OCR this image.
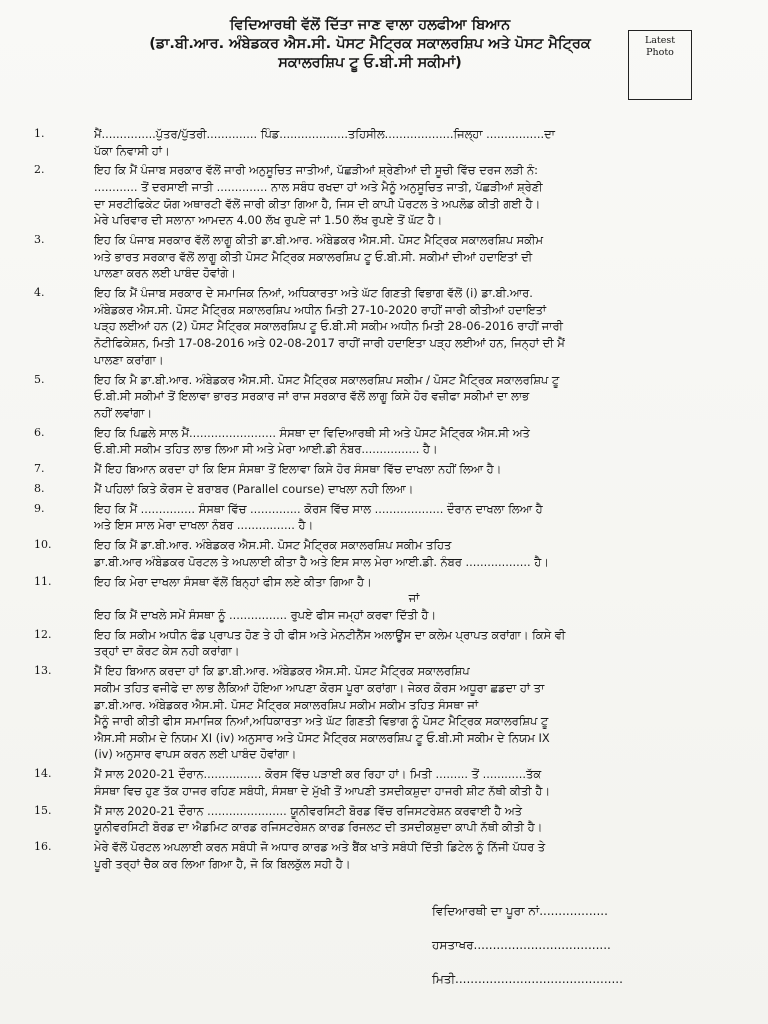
ਵਿਦਿਆਰਥੀ ਵੱਲੋਂ ਦਿੱਤਾ ਜਾਣ ਵਾਲਾ ਹਲਫੀਆ ਬਿਆਨ
(ਡਾ.ਬੀ.ਆਰ. ਅੰਬੇਡਕਰ ਐਸ.ਸੀ. ਪੋਸਟ ਮੈਟ੍ਰਿਕ ਸਕਾਲਰਸ਼ਿਪ ਅਤੇ ਪੋਸਟ ਮੈਟ੍ਰਿਕ
ਸਕਾਲਰਸ਼ਿਪ ਟੂ ਓ.ਬੀ.ਸੀ ਸਕੀਮਾਂ)
Latest
Photo
1.	ਮੈਂ...............ਪੁੱਤਰ/ਪੁੱਤਰੀ.............. ਪਿੰਡ...................ਤਹਿਸੀਲ...................ਜਿਲ੍ਹਾ ................ਦਾ
ਪੱਕਾ ਨਿਵਾਸੀ ਹਾਂ।
2.	ਇਹ ਕਿ ਮੈਂ ਪੰਜਾਬ ਸਰਕਾਰ ਵੱਲੋਂ ਜਾਰੀ ਅਨੁਸੂਚਿਤ ਜਾਤੀਆਂ, ਪੱਛੜੀਆਂ ਸ਼੍ਰੇਣੀਆਂ ਦੀ ਸੂਚੀ ਵਿੱਚ ਦਰਜ ਲੜੀ ਨੰ:
............ ਤੋਂ ਦਰਸਾਈ ਜਾਤੀ .............. ਨਾਲ ਸਬੰਧ ਰਖਦਾ ਹਾਂ ਅਤੇ ਮੈਨੂੰ ਅਨੁਸੂਚਿਤ ਜਾਤੀ, ਪੱਛੜੀਆਂ ਸ਼੍ਰੇਣੀ
ਦਾ ਸਰਟੀਫਿਕੇਟ ਯੋਗ ਅਥਾਰਟੀ ਵੱਲੋਂ ਜਾਰੀ ਕੀਤਾ ਗਿਆ ਹੈ, ਜਿਸ ਦੀ ਕਾਪੀ ਪੋਰਟਲ ਤੇ ਅਪਲੋਡ ਕੀਤੀ ਗਈ ਹੈ।
ਮੇਰੇ ਪਰਿਵਾਰ ਦੀ ਸਲਾਨਾ ਆਮਦਨ 4.00 ਲੱਖ ਰੁਪਏ ਜਾਂ 1.50 ਲੱਖ ਰੁਪਏ ਤੋਂ ਘੱਟ ਹੈ।
3.	ਇਹ ਕਿ ਪੰਜਾਬ ਸਰਕਾਰ ਵੱਲੋਂ ਲਾਗੂ ਕੀਤੀ ਡਾ.ਬੀ.ਆਰ. ਅੰਬੇਡਕਰ ਐਸ.ਸੀ. ਪੋਸਟ ਮੈਟ੍ਰਿਕ ਸਕਾਲਰਸ਼ਿਪ ਸਕੀਮ
ਅਤੇ ਭਾਰਤ ਸਰਕਾਰ ਵੱਲੋਂ ਲਾਗੂ ਕੀਤੀ ਪੋਸਟ ਮੈਟ੍ਰਿਕ ਸਕਾਲਰਸ਼ਿਪ ਟੂ ਓ.ਬੀ.ਸੀ. ਸਕੀਮਾਂ ਦੀਆਂ ਹਦਾਇਤਾਂ ਦੀ
ਪਾਲਣਾ ਕਰਨ ਲਈ ਪਾਬੰਦ ਹੋਵਾਂਗੇ।
4.	ਇਹ ਕਿ ਮੈਂ ਪੰਜਾਬ ਸਰਕਾਰ ਦੇ ਸਮਾਜਿਕ ਨਿਆਂ, ਅਧਿਕਾਰਤਾ ਅਤੇ ਘੱਟ ਗਿਣਤੀ ਵਿਭਾਗ ਵੱਲੋਂ (i) ਡਾ.ਬੀ.ਆਰ.
ਅੰਬੇਡਕਰ ਐਸ.ਸੀ. ਪੋਸਟ ਮੈਟ੍ਰਿਕ ਸਕਾਲਰਸ਼ਿਪ ਅਧੀਨ ਮਿਤੀ 27-10-2020 ਰਾਹੀਂ ਜਾਰੀ ਕੀਤੀਆਂ ਹਦਾਇਤਾਂ
ਪੜ੍ਹ ਲਈਆਂ ਹਨ (2) ਪੋਸਟ ਮੈਟ੍ਰਿਕ ਸਕਾਲਰਸ਼ਿਪ ਟੂ ਓ.ਬੀ.ਸੀ ਸਕੀਮ ਅਧੀਨ ਮਿਤੀ 28-06-2016 ਰਾਹੀਂ ਜਾਰੀ
ਨੋਟੀਫਿਕੇਸ਼ਨ, ਮਿਤੀ 17-08-2016 ਅਤੇ 02-08-2017 ਰਾਹੀਂ ਜਾਰੀ ਹਦਾਇਤਾ ਪੜ੍ਹ ਲਈਆਂ ਹਨ, ਜਿਨ੍ਹਾਂ ਦੀ ਮੈਂ
ਪਾਲਣਾ ਕਰਾਂਗਾ।
5.	ਇਹ ਕਿ ਮੈ ਡਾ.ਬੀ.ਆਰ. ਅੰਬੇਡਕਰ ਐਸ.ਸੀ. ਪੋਸਟ ਮੈਟ੍ਰਿਕ ਸਕਾਲਰਸ਼ਿਪ ਸਕੀਮ / ਪੋਸਟ ਮੈਟ੍ਰਿਕ ਸਕਾਲਰਸ਼ਿਪ ਟੂ
ਓ.ਬੀ.ਸੀ ਸਕੀਮਾਂ ਤੋਂ ਇਲਾਵਾ ਭਾਰਤ ਸਰਕਾਰ ਜਾਂ ਰਾਜ ਸਰਕਾਰ ਵੱਲੋਂ ਲਾਗੂ ਕਿਸੇ ਹੋਰ ਵਜ਼ੀਫਾ ਸਕੀਮਾਂ ਦਾ ਲਾਭ
ਨਹੀਂ ਲਵਾਂਗਾ।
6.	ਇਹ ਕਿ ਪਿਛਲੇ ਸਾਲ ਮੈਂ........................ ਸੰਸਥਾ ਦਾ ਵਿਦਿਆਰਥੀ ਸੀ ਅਤੇ ਪੋਸਟ ਮੈਟ੍ਰਿਕ ਐਸ.ਸੀ ਅਤੇ
ਓ.ਬੀ.ਸੀ ਸਕੀਮ ਤਹਿਤ ਲਾਭ ਲਿਆ ਸੀ ਅਤੇ ਮੇਰਾ ਆਈ.ਡੀ ਨੰਬਰ................ ਹੈ।
7.	ਮੈਂ ਇਹ ਬਿਆਨ ਕਰਦਾ ਹਾਂ ਕਿ ਇਸ ਸੰਸਥਾ ਤੋਂ ਇਲਾਵਾ ਕਿਸੇ ਹੋਰ ਸੰਸਥਾ ਵਿੱਚ ਦਾਖਲਾ ਨਹੀਂ ਲਿਆ ਹੈ।
8.	ਮੈਂ ਪਹਿਲਾਂ ਕਿਤੇ ਕੋਰਸ ਦੇ ਬਰਾਬਰ (Parallel course) ਦਾਖਲਾ ਨਹੀ ਲਿਆ।
9.	ਇਹ ਕਿ ਮੈਂ ............... ਸੰਸਥਾ ਵਿੱਚ .............. ਕੋਰਸ ਵਿੱਚ ਸਾਲ ................... ਦੌਰਾਨ ਦਾਖਲਾ ਲਿਆ ਹੈ
ਅਤੇ ਇਸ ਸਾਲ ਮੇਰਾ ਦਾਖਲਾ ਨੰਬਰ ................ ਹੈ।
10.	ਇਹ ਕਿ ਮੈਂ ਡਾ.ਬੀ.ਆਰ. ਅੰਬੇਡਕਰ ਐਸ.ਸੀ. ਪੋਸਟ ਮੈਟ੍ਰਿਕ ਸਕਾਲਰਸ਼ਿਪ ਸਕੀਮ ਤਹਿਤ
ਡਾ.ਬੀ.ਆਰ ਅੰਬੇਡਕਰ ਪੋਰਟਲ ਤੇ ਅਪਲਾਈ ਕੀਤਾ ਹੈ ਅਤੇ ਇਸ ਸਾਲ ਮੇਰਾ ਆਈ.ਡੀ. ਨੰਬਰ .................. ਹੈ।
11.	ਇਹ ਕਿ ਮੇਰਾ ਦਾਖਲਾ ਸੰਸਥਾ ਵੱਲੋਂ ਬਿਨ੍ਹਾਂ ਫੀਸ ਲਏ ਕੀਤਾ ਗਿਆ ਹੈ।
ਜਾਂ
ਇਹ ਕਿ ਮੈਂ ਦਾਖਲੇ ਸਮੇਂ ਸੰਸਥਾ ਨੂੰ ................ ਰੁਪਏ ਫੀਸ ਜਮ੍ਹਾਂ ਕਰਵਾ ਦਿੱਤੀ ਹੈ।
12.	ਇਹ ਕਿ ਸਕੀਮ ਅਧੀਨ ਫੰਡ ਪ੍ਰਾਪਤ ਹੋਣ ਤੇ ਹੀ ਫੀਸ ਅਤੇ ਮੇਨਟੀਨੈਂਸ ਅਲਾਊਂਸ ਦਾ ਕਲੇਮ ਪ੍ਰਾਪਤ ਕਰਾਂਗਾ। ਕਿਸੇ ਵੀ
ਤਰ੍ਹਾਂ ਦਾ ਕੋਰਟ ਕੇਸ ਨਹੀ ਕਰਾਂਗਾ।
13.	ਮੈਂ ਇਹ ਬਿਆਨ ਕਰਦਾ ਹਾਂ ਕਿ ਡਾ.ਬੀ.ਆਰ. ਅੰਬੇਡਕਰ ਐਸ.ਸੀ. ਪੋਸਟ ਮੈਟ੍ਰਿਕ ਸਕਾਲਰਸ਼ਿਪ
ਸਕੀਮ ਤਹਿਤ ਵਜੀਫੇ ਦਾ ਲਾਭ ਲੈਕਿਆਂ ਹੋਇਆ ਆਪਣਾ ਕੋਰਸ ਪੂਰਾ ਕਰਾਂਗਾ। ਜੇਕਰ ਕੋਰਸ ਅਧੂਰਾ ਛਡਦਾ ਹਾਂ ਤਾ
ਡਾ.ਬੀ.ਆਰ. ਅੰਬੇਡਕਰ ਐਸ.ਸੀ. ਪੋਸਟ ਮੈਟ੍ਰਿਕ ਸਕਾਲਰਸ਼ਿਪ ਸਕੀਮ ਸਕੀਮ ਤਹਿਤ ਸੰਸਥਾ ਜਾਂ
ਮੈਨੂੰ ਜਾਰੀ ਕੀਤੀ ਫੀਸ ਸਮਾਜਿਕ ਨਿਆਂ,ਅਧਿਕਾਰਤਾ ਅਤੇ ਘੱਟ ਗਿਣਤੀ ਵਿਭਾਗ ਨੂੰ ਪੋਸਟ ਮੈਟ੍ਰਿਕ ਸਕਾਲਰਸ਼ਿਪ ਟੂ
ਐਸ.ਸੀ ਸਕੀਮ ਦੇ ਨਿਯਮ XI (iv) ਅਨੁਸਾਰ ਅਤੇ ਪੋਸਟ ਮੈਟ੍ਰਿਕ ਸਕਾਲਰਸ਼ਿਪ ਟੂ ਓ.ਬੀ.ਸੀ ਸਕੀਮ ਦੇ ਨਿਯਮ IX
(iv) ਅਨੁਸਾਰ ਵਾਪਸ ਕਰਨ ਲਈ ਪਾਬੰਦ ਹੋਵਾਂਗਾ।
14.	ਮੈਂ ਸਾਲ 2020-21 ਦੌਰਾਨ................ ਕੋਰਸ ਵਿੱਚ ਪੜਾਈ ਕਰ ਰਿਹਾ ਹਾਂ। ਮਿਤੀ ......... ਤੋਂ ............ਤੱਕ
ਸੰਸਥਾ ਵਿਚ ਹੁਣ ਤੱਕ ਹਾਜਰ ਰਹਿਣ ਸਬੰਧੀ, ਸੰਸਥਾ ਦੇ ਮੁੱਖੀ ਤੋਂ ਆਪਣੀ ਤਸਦੀਕਸ਼ੁਦਾ ਹਾਜਰੀ ਸ਼ੀਟ ਨੱਥੀ ਕੀਤੀ ਹੈ।
15.	ਮੈਂ ਸਾਲ 2020-21 ਦੌਰਾਨ ...................... ਯੂਨੀਵਰਸਿਟੀ ਬੋਰਡ ਵਿੱਚ ਰਜਿਸਟਰੇਸ਼ਨ ਕਰਵਾਈ ਹੈ ਅਤੇ
ਯੂਨੀਵਰਸਿਟੀ ਬੋਰਡ ਦਾ ਐਡਮਿਟ ਕਾਰਡ ਰਜਿਸਟਰੇਸ਼ਨ ਕਾਰਡ ਰਿਜਲਟ ਦੀ ਤਸਦੀਕਸ਼ੁਦਾ ਕਾਪੀ ਨੱਥੀ ਕੀਤੀ ਹੈ।
16.	ਮੇਰੇ ਵੱਲੋਂ ਪੋਰਟਲ ਅਪਲਾਈ ਕਰਨ ਸਬੰਧੀ ਜੋ ਅਧਾਰ ਕਾਰਡ ਅਤੇ ਬੈਂਕ ਖਾਤੇ ਸਬੰਧੀ ਦਿੱਤੀ ਡਿਟੇਲ ਨੂੰ ਨਿੱਜੀ ਪੱਧਰ ਤੇ
ਪੂਰੀ ਤਰ੍ਹਾਂ ਚੈਕ ਕਰ ਲਿਆ ਗਿਆ ਹੈ, ਜੋ ਕਿ ਬਿਲਕੁੱਲ ਸਹੀ ਹੈ।
ਵਿਦਿਆਰਥੀ ਦਾ ਪੂਰਾ ਨਾਂ..................
ਹਸਤਾਖਰ....................................
ਮਿਤੀ............................................
